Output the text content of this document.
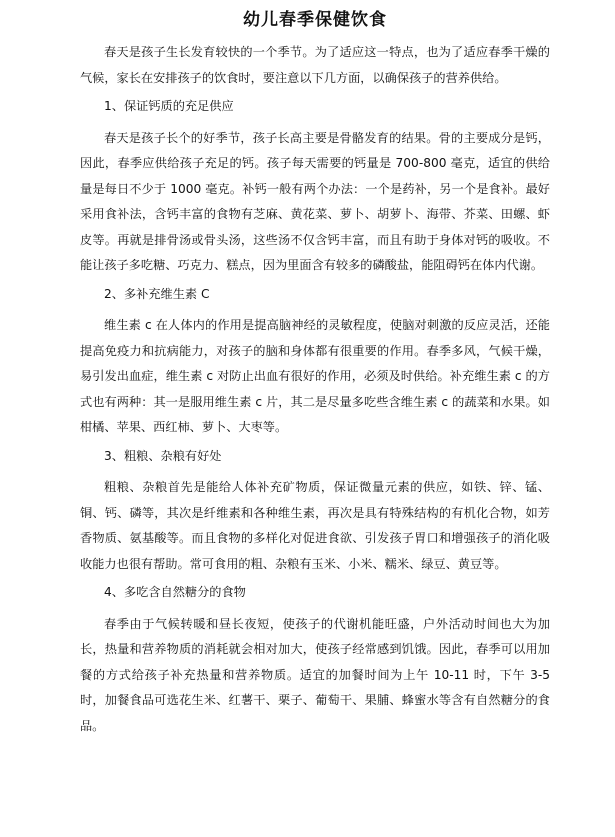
幼儿春季保健饮食

春天是孩子生长发育较快的一个季节。为了适应这一特点，也为了适应春季干燥的气候，家长在安排孩子的饮食时，要注意以下几方面，以确保孩子的营养供给。

1、保证钙质的充足供应

春天是孩子长个的好季节，孩子长高主要是骨骼发育的结果。骨的主要成分是钙，因此，春季应供给孩子充足的钙。孩子每天需要的钙量是 700-800 毫克，适宜的供给量是每日不少于 1000 毫克。补钙一般有两个办法：一个是药补，另一个是食补。最好采用食补法，含钙丰富的食物有芝麻、黄花菜、萝卜、胡萝卜、海带、芥菜、田螺、虾皮等。再就是排骨汤或骨头汤，这些汤不仅含钙丰富，而且有助于身体对钙的吸收。不能让孩子多吃糖、巧克力、糕点，因为里面含有较多的磷酸盐，能阻碍钙在体内代谢。

2、多补充维生素 C

维生素 c 在人体内的作用是提高脑神经的灵敏程度，使脑对刺激的反应灵活，还能提高免疫力和抗病能力，对孩子的脑和身体都有很重要的作用。春季多风，气候干燥，易引发出血症，维生素 c 对防止出血有很好的作用，必须及时供给。补充维生素 c 的方式也有两种：其一是服用维生素 c 片，其二是尽量多吃些含维生素 c 的蔬菜和水果。如柑橘、苹果、西红柿、萝卜、大枣等。

3、粗粮、杂粮有好处

粗粮、杂粮首先是能给人体补充矿物质，保证微量元素的供应，如铁、锌、锰、铜、钙、磷等，其次是纤维素和各种维生素，再次是具有特殊结构的有机化合物，如芳香物质、氨基酸等。而且食物的多样化对促进食欲、引发孩子胃口和增强孩子的消化吸收能力也很有帮助。常可食用的粗、杂粮有玉米、小米、糯米、绿豆、黄豆等。

4、多吃含自然糖分的食物

春季由于气候转暖和昼长夜短，使孩子的代谢机能旺盛，户外活动时间也大为加长，热量和营养物质的消耗就会相对加大，使孩子经常感到饥饿。因此，春季可以用加餐的方式给孩子补充热量和营养物质。适宜的加餐时间为上午 10-11 时，下午 3-5 时，加餐食品可选花生米、红薯干、栗子、葡萄干、果脯、蜂蜜水等含有自然糖分的食品。
